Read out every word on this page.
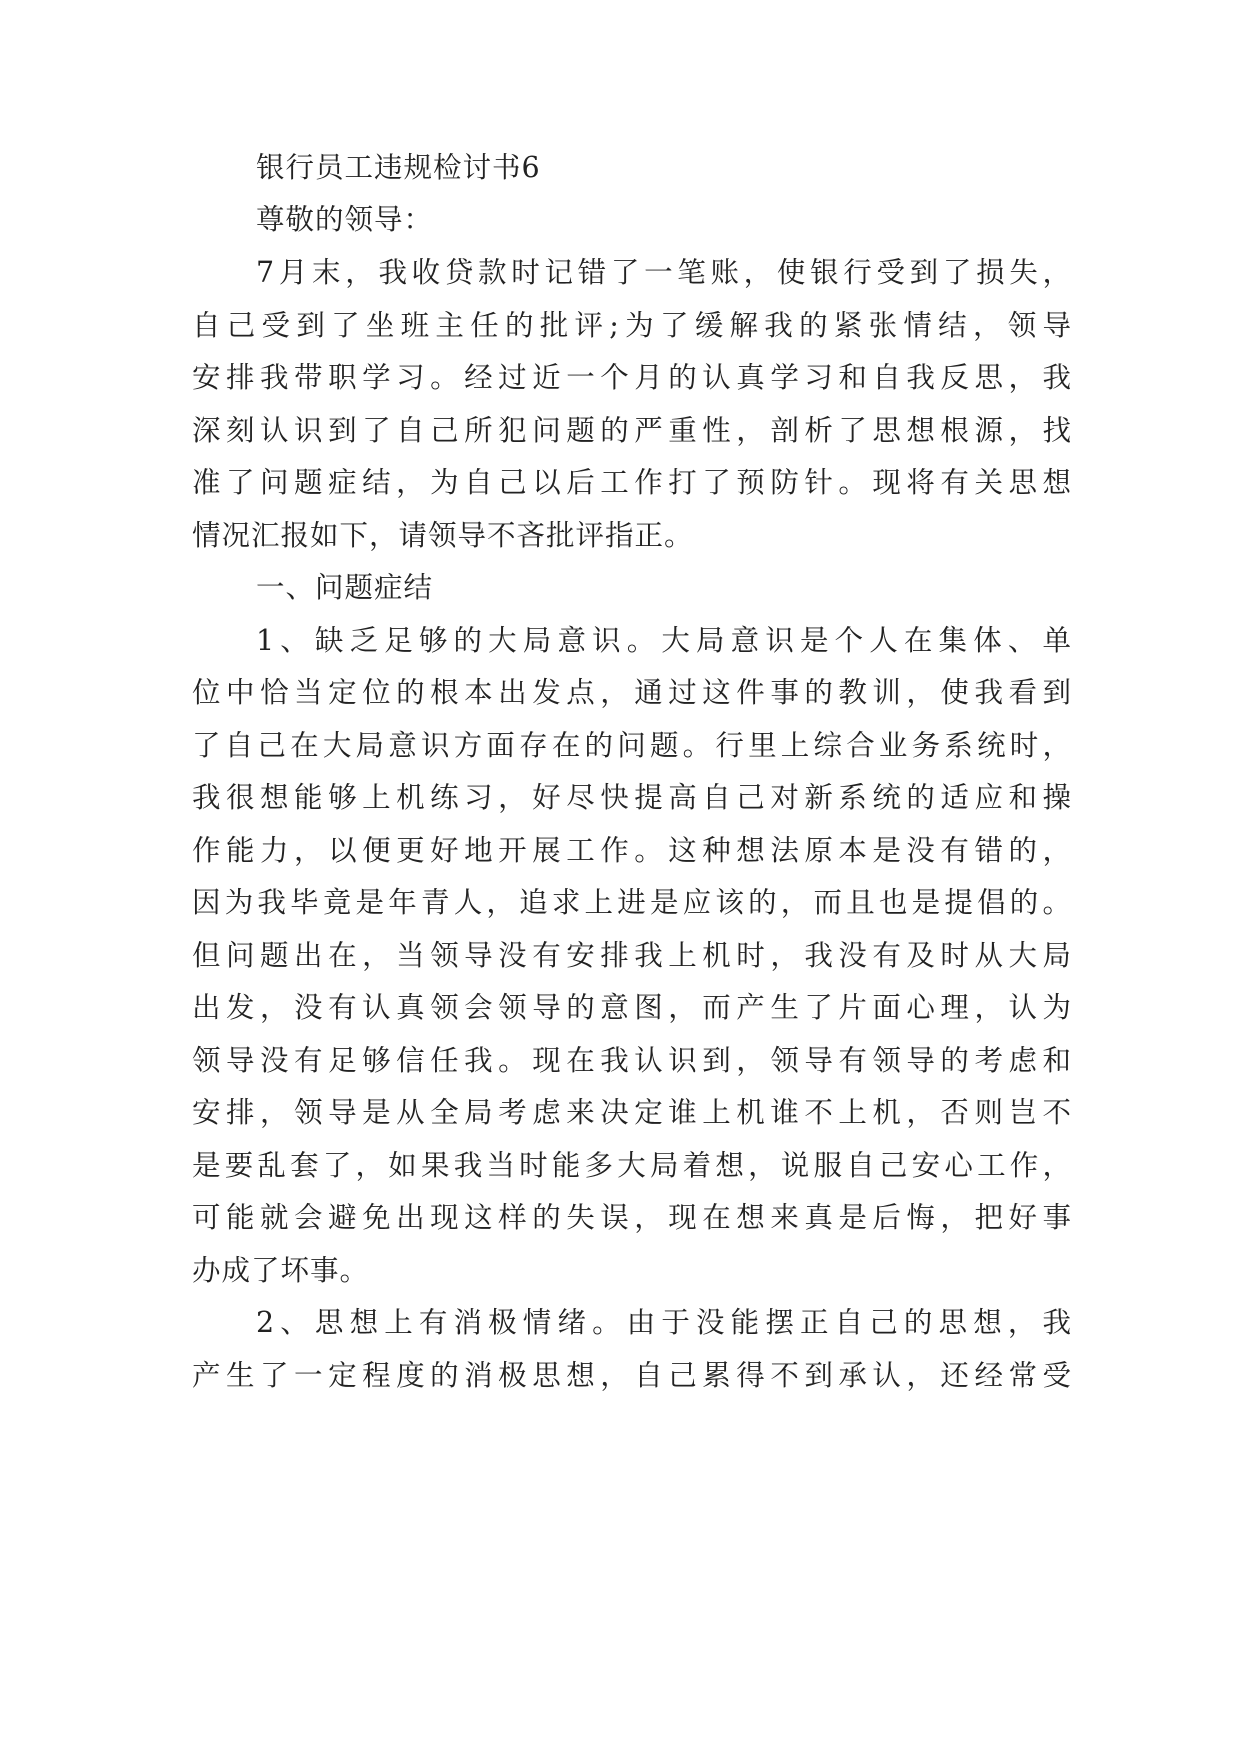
银行员工违规检讨书6
尊敬的领导：
7月末，我收贷款时记错了一笔账，使银行受到了损失，
自己受到了坐班主任的批评;为了缓解我的紧张情结，领导
安排我带职学习。经过近一个月的认真学习和自我反思，我
深刻认识到了自己所犯问题的严重性，剖析了思想根源，找
准了问题症结，为自己以后工作打了预防针。现将有关思想
情况汇报如下，请领导不吝批评指正。
一、问题症结
1、缺乏足够的大局意识。大局意识是个人在集体、单
位中恰当定位的根本出发点，通过这件事的教训，使我看到
了自己在大局意识方面存在的问题。行里上综合业务系统时，
我很想能够上机练习，好尽快提高自己对新系统的适应和操
作能力，以便更好地开展工作。这种想法原本是没有错的，
因为我毕竟是年青人，追求上进是应该的，而且也是提倡的。
但问题出在，当领导没有安排我上机时，我没有及时从大局
出发，没有认真领会领导的意图，而产生了片面心理，认为
领导没有足够信任我。现在我认识到，领导有领导的考虑和
安排，领导是从全局考虑来决定谁上机谁不上机，否则岂不
是要乱套了，如果我当时能多大局着想，说服自己安心工作，
可能就会避免出现这样的失误，现在想来真是后悔，把好事
办成了坏事。
2、思想上有消极情绪。由于没能摆正自己的思想，我
产生了一定程度的消极思想，自己累得不到承认，还经常受
